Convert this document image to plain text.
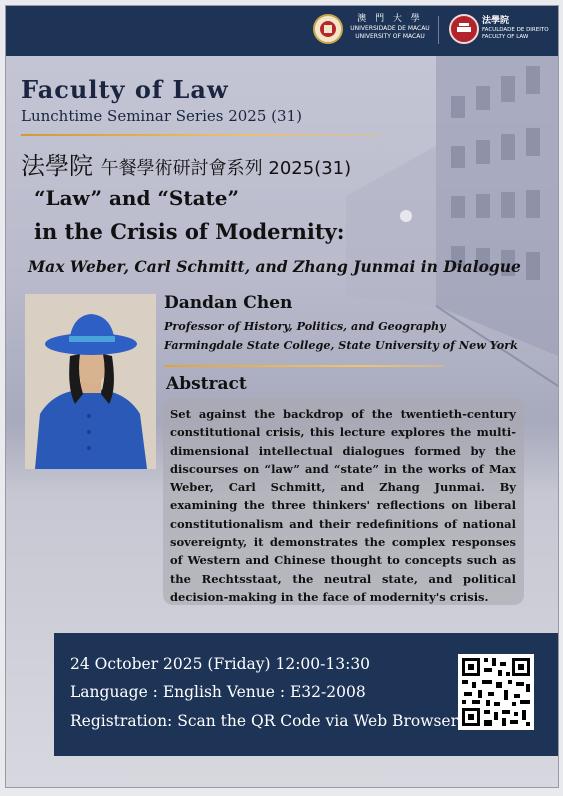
澳 門 大 學
UNIVERSIDADE DE MACAU
UNIVERSITY OF MACAU
法學院
FACULDADE DE DIREITO
FACULTY OF LAW
Faculty of Law
Lunchtime Seminar Series 2025 (31)
法學院 午餐學術研討會系列 2025(31)
“Law” and “State”
in the Crisis of Modernity:
Max Weber, Carl Schmitt, and Zhang Junmai in Dialogue
Dandan Chen
Professor of History, Politics, and Geography
Farmingdale State College, State University of New York
Abstract
Set against the backdrop of the twentieth-century constitutional crisis, this lecture explores the multi-dimensional intellectual dialogues formed by the discourses on “law” and “state” in the works of Max Weber, Carl Schmitt, and Zhang Junmai. By examining the three thinkers' reflections on liberal constitutionalism and their redefinitions of national sovereignty, it demonstrates the complex responses of Western and Chinese thought to concepts such as the Rechtsstaat, the neutral state, and political decision-making in the face of modernity's crisis.
24 October 2025 (Friday) 12:00-13:30
Language : English Venue : E32-2008
Registration: Scan the QR Code via Web Browser
